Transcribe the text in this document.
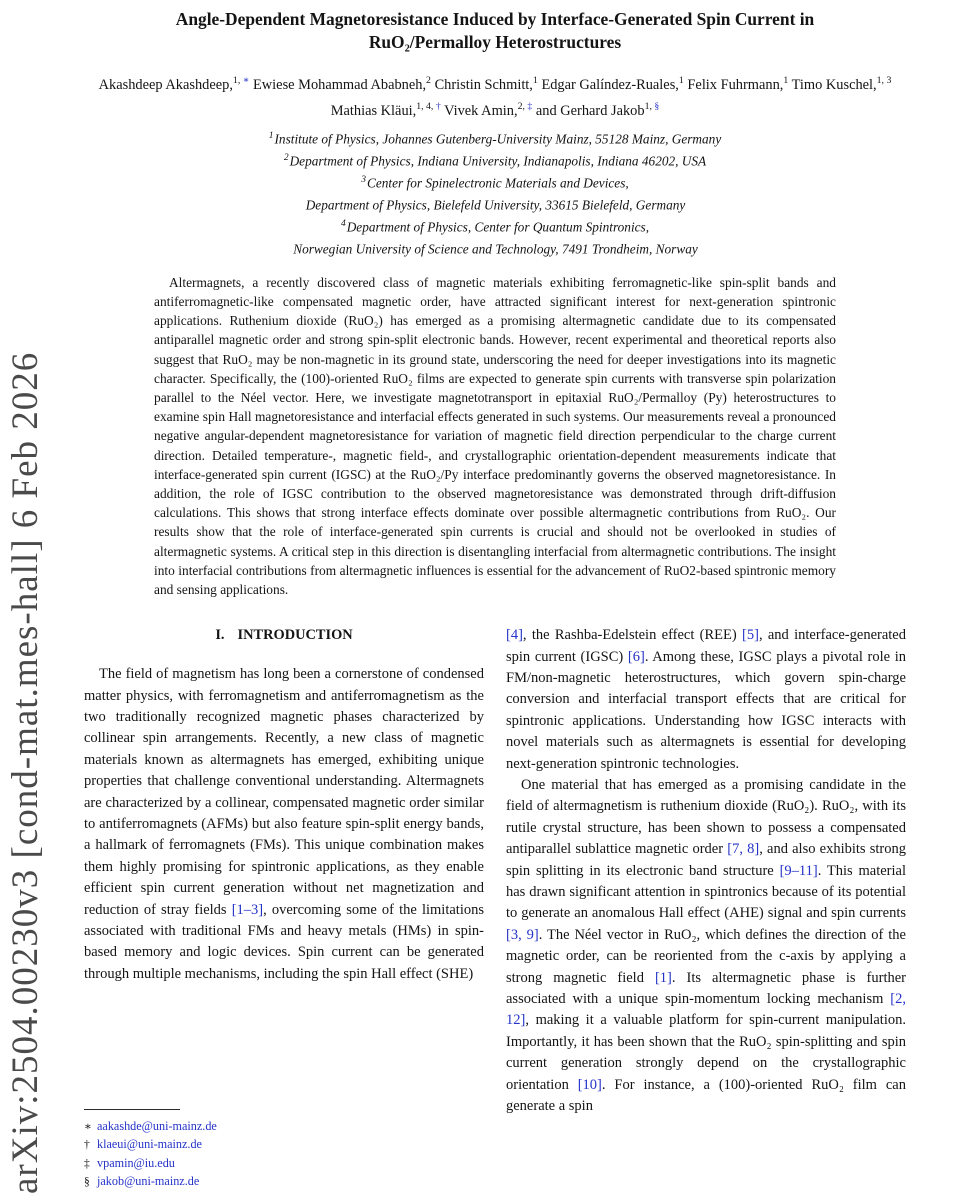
arXiv:2504.00230v3 [cond-mat.mes-hall] 6 Feb 2026
Angle-Dependent Magnetoresistance Induced by Interface-Generated Spin Current in
RuO₂/Permalloy Heterostructures
Akashdeep Akashdeep,$^{1, ∗}$ Ewiese Mohammad Ababneh,$^2$ Christin Schmitt,$^1$ Edgar Galíndez-Ruales,$^1$ Felix Fuhrmann,$^1$ Timo Kuschel,$^{1, 3}$ Mathias Kläui,$^{1, 4, \dagger}$ Vivek Amin,$^{2, \ddagger}$ and Gerhard Jakob$^{1, \S}$
$^1$Institute of Physics, Johannes Gutenberg-University Mainz, 55128 Mainz, Germany
$^2$Department of Physics, Indiana University, Indianapolis, Indiana 46202, USA
$^3$Center for Spinelectronic Materials and Devices,
Department of Physics, Bielefeld University, 33615 Bielefeld, Germany
$^4$Department of Physics, Center for Quantum Spintronics,
Norwegian University of Science and Technology, 7491 Trondheim, Norway
Altermagnets, a recently discovered class of magnetic materials exhibiting ferromagnetic-like spin-split bands and antiferromagnetic-like compensated magnetic order, have attracted significant interest for next-generation spintronic applications. Ruthenium dioxide (RuO₂) has emerged as a promising altermagnetic candidate due to its compensated antiparallel magnetic order and strong spin-split electronic bands. However, recent experimental and theoretical reports also suggest that RuO₂ may be non-magnetic in its ground state, underscoring the need for deeper investigations into its magnetic character. Specifically, the (100)-oriented RuO₂ films are expected to generate spin currents with transverse spin polarization parallel to the Néel vector. Here, we investigate magnetotransport in epitaxial RuO₂/Permalloy (Py) heterostructures to examine spin Hall magnetoresistance and interfacial effects generated in such systems. Our measurements reveal a pronounced negative angular-dependent magnetoresistance for variation of magnetic field direction perpendicular to the charge current direction. Detailed temperature-, magnetic field-, and crystallographic orientation-dependent measurements indicate that interface-generated spin current (IGSC) at the RuO₂/Py interface predominantly governs the observed magnetoresistance. In addition, the role of IGSC contribution to the observed magnetoresistance was demonstrated through drift-diffusion calculations. This shows that strong interface effects dominate over possible altermagnetic contributions from RuO₂. Our results show that the role of interface-generated spin currents is crucial and should not be overlooked in studies of altermagnetic systems. A critical step in this direction is disentangling interfacial from altermagnetic contributions. The insight into interfacial contributions from altermagnetic influences is essential for the advancement of RuO2-based spintronic memory and sensing applications.
I. INTRODUCTION

The field of magnetism has long been a cornerstone of condensed matter physics, with ferromagnetism and antiferromagnetism as the two traditionally recognized magnetic phases characterized by collinear spin arrangements. Recently, a new class of magnetic materials known as altermagnets has emerged, exhibiting unique properties that challenge conventional understanding. Altermagnets are characterized by a collinear, compensated magnetic order similar to antiferromagnets (AFMs) but also feature spin-split energy bands, a hallmark of ferromagnets (FMs). This unique combination makes them highly promising for spintronic applications, as they enable efficient spin current generation without net magnetization and reduction of stray fields [1–3], overcoming some of the limitations associated with traditional FMs and heavy metals (HMs) in spin-based memory and logic devices. Spin current can be generated through multiple mechanisms, including the spin Hall effect (SHE)

∗ aakashde@uni-mainz.de
† klaeui@uni-mainz.de
‡ vpamin@iu.edu
§ jakob@uni-mainz.de

[4], the Rashba-Edelstein effect (REE) [5], and interface-generated spin current (IGSC) [6]. Among these, IGSC plays a pivotal role in FM/non-magnetic heterostructures, which govern spin-charge conversion and interfacial transport effects that are critical for spintronic applications. Understanding how IGSC interacts with novel materials such as altermagnets is essential for developing next-generation spintronic technologies.

One material that has emerged as a promising candidate in the field of altermagnetism is ruthenium dioxide (RuO₂). RuO₂, with its rutile crystal structure, has been shown to possess a compensated antiparallel sublattice magnetic order [7, 8], and also exhibits strong spin splitting in its electronic band structure [9–11]. This material has drawn significant attention in spintronics because of its potential to generate an anomalous Hall effect (AHE) signal and spin currents [3, 9]. The Néel vector in RuO₂, which defines the direction of the magnetic order, can be reoriented from the c-axis by applying a strong magnetic field [1]. Its altermagnetic phase is further associated with a unique spin-momentum locking mechanism [2, 12], making it a valuable platform for spin-current manipulation. Importantly, it has been shown that the RuO₂ spin-splitting and spin current generation strongly depend on the crystallographic orientation [10]. For instance, a (100)-oriented RuO₂ film can generate a spin
